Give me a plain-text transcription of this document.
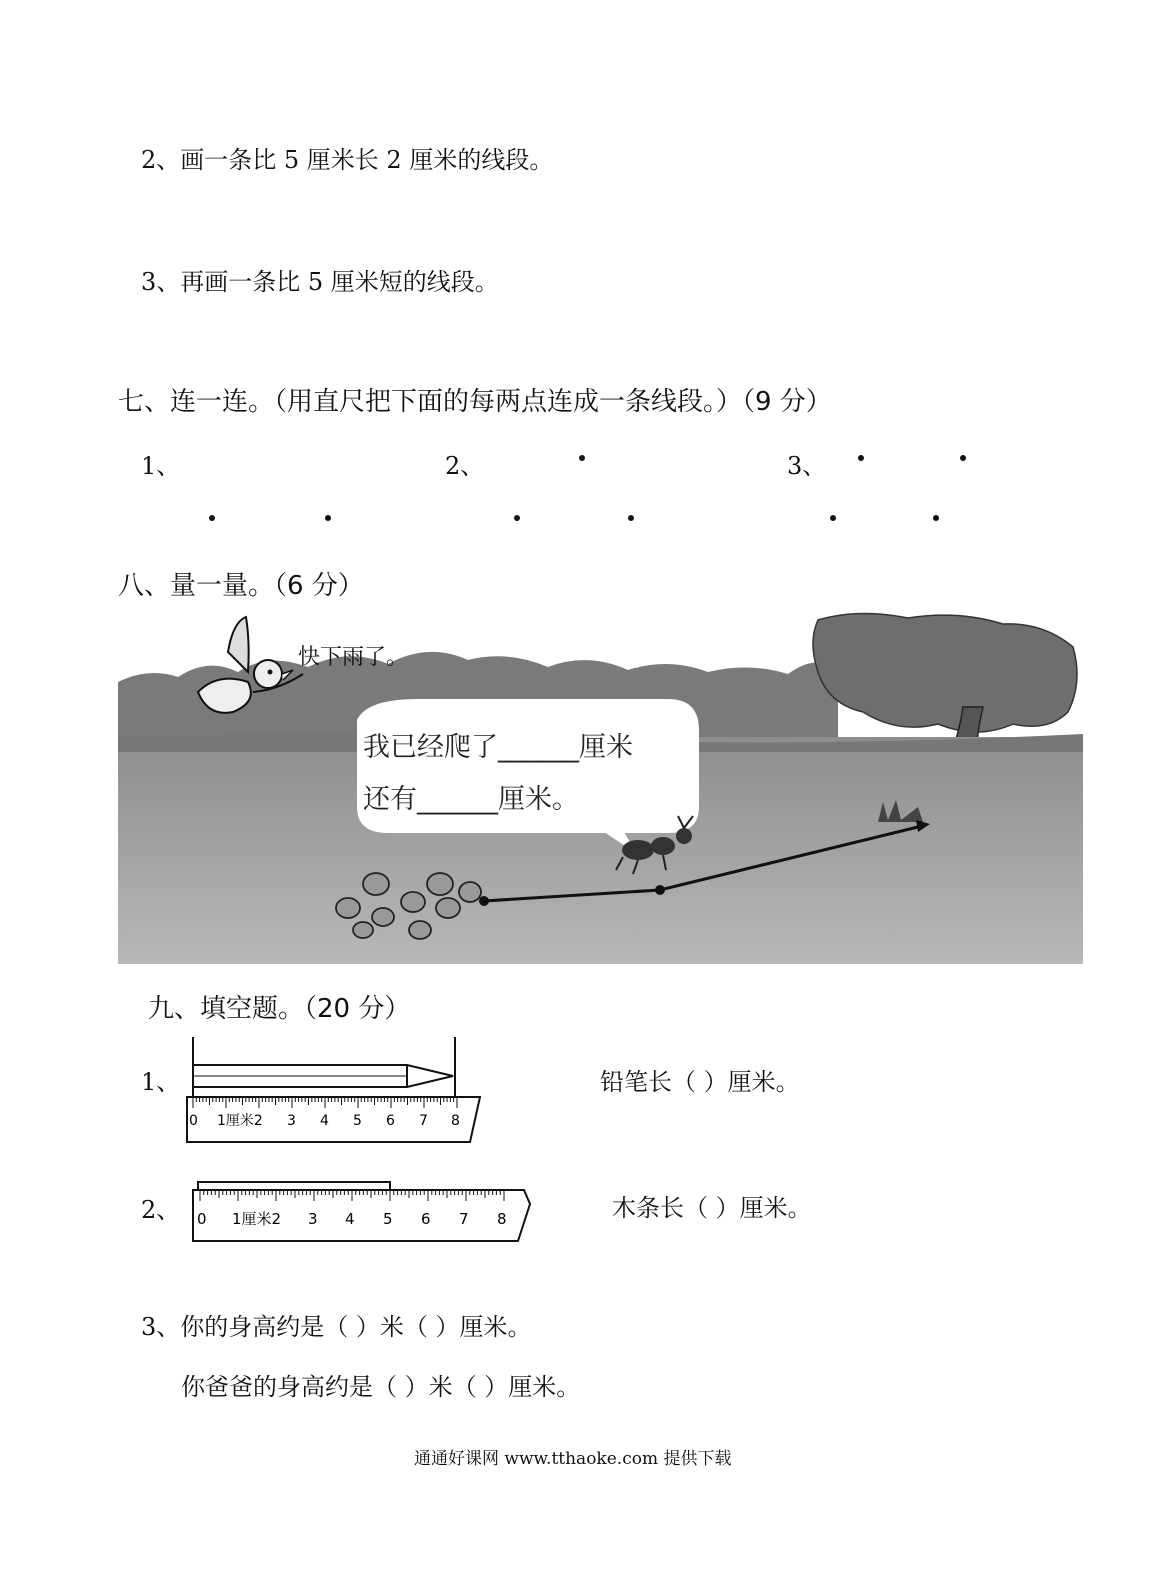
2、画一条比 5 厘米长 2 厘米的线段。
3、再画一条比 5 厘米短的线段。
七、连一连。（用直尺把下面的每两点连成一条线段。）（9 分）
1、	2、	3、
八、量一量。（6 分）
快下雨了。
我已经爬了______厘米
还有______厘米。
九、填空题。（20 分）
1、
0 1厘米2 3 4 5 6 7 8
铅笔长（ ）厘米。
2、 0 1厘米2 3 4 5 6 7 8	木条长（ ）厘米。
3、你的身高约是（ ）米（ ）厘米。
你爸爸的身高约是（ ）米（ ）厘米。
通通好课网 www.tthaoke.com 提供下载
